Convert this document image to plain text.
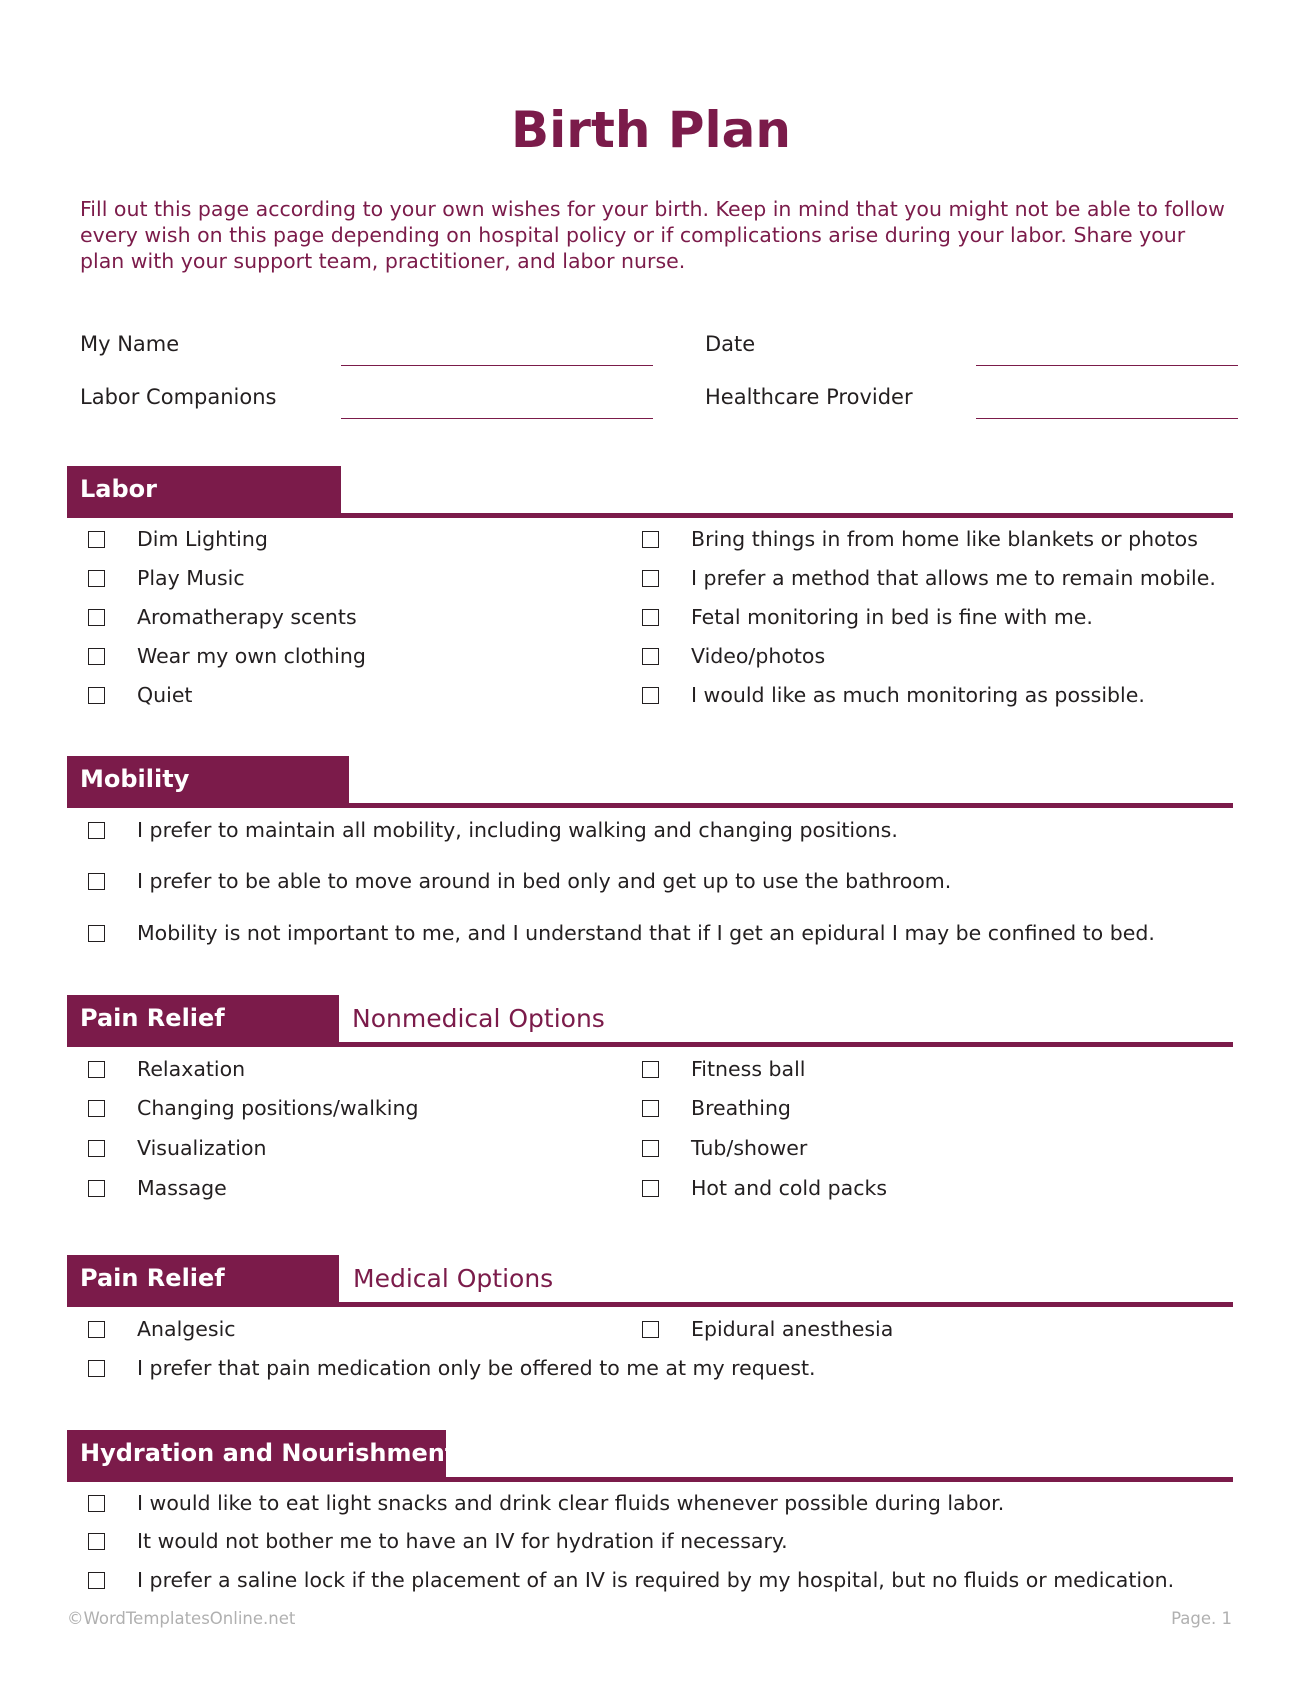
Birth Plan

Fill out this page according to your own wishes for your birth. Keep in mind that you might not be able to follow every wish on this page depending on hospital policy or if complications arise during your labor. Share your plan with your support team, practitioner, and labor nurse.

My Name	Date
Labor Companions	Healthcare Provider
Labor
Dim Lighting
Play Music
Aromatherapy scents
Wear my own clothing
Quiet
Bring things in from home like blankets or photos
I prefer a method that allows me to remain mobile.
Fetal monitoring in bed is fine with me.
Video/photos
I would like as much monitoring as possible.
Mobility
I prefer to maintain all mobility, including walking and changing positions.
I prefer to be able to move around in bed only and get up to use the bathroom.
Mobility is not important to me, and I understand that if I get an epidural I may be confined to bed.
Pain Relief	Nonmedical Options
Relaxation
Changing positions/walking
Visualization
Massage
Fitness ball
Breathing
Tub/shower
Hot and cold packs
Pain Relief	Medical Options
Analgesic	Epidural anesthesia
I prefer that pain medication only be offered to me at my request.
Hydration and Nourishment
I would like to eat light snacks and drink clear fluids whenever possible during labor.
It would not bother me to have an IV for hydration if necessary.
I prefer a saline lock if the placement of an IV is required by my hospital, but no fluids or medication.
©WordTemplatesOnline.net	Page. 1
